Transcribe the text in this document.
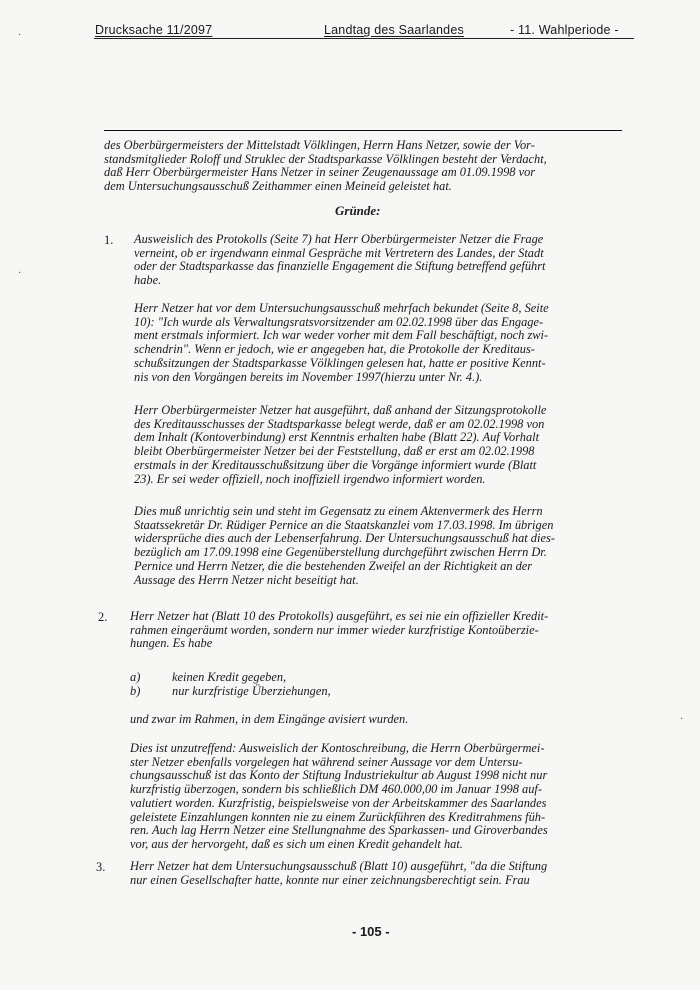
Drucksache 11/2097	Landtag des Saarlandes	- 11. Wahlperiode -
·
·
·
des Oberbürgermeisters der Mittelstadt Völklingen, Herrn Hans Netzer, sowie der Vor-
standsmitglieder Roloff und Struklec der Stadtsparkasse Völklingen besteht der Verdacht,
daß Herr Oberbürgermeister Hans Netzer in seiner Zeugenaussage am 01.09.1998 vor
dem Untersuchungsausschuß Zeithammer einen Meineid geleistet hat.
Gründe:
1. Ausweislich des Protokolls (Seite 7) hat Herr Oberbürgermeister Netzer die Frage
verneint, ob er irgendwann einmal Gespräche mit Vertretern des Landes, der Stadt
oder der Stadtsparkasse das finanzielle Engagement die Stiftung betreffend geführt
habe.
Herr Netzer hat vor dem Untersuchungsausschuß mehrfach bekundet (Seite 8, Seite
10): "Ich wurde als Verwaltungsratsvorsitzender am 02.02.1998 über das Engage-
ment erstmals informiert. Ich war weder vorher mit dem Fall beschäftigt, noch zwi-
schendrin". Wenn er jedoch, wie er angegeben hat, die Protokolle der Kreditaus-
schußsitzungen der Stadtsparkasse Völklingen gelesen hat, hatte er positive Kennt-
nis von den Vorgängen bereits im November 1997(hierzu unter Nr. 4.).
Herr Oberbürgermeister Netzer hat ausgeführt, daß anhand der Sitzungsprotokolle
des Kreditausschusses der Stadtsparkasse belegt werde, daß er am 02.02.1998 von
dem Inhalt (Kontoverbindung) erst Kenntnis erhalten habe (Blatt 22). Auf Vorhalt
bleibt Oberbürgermeister Netzer bei der Feststellung, daß er erst am 02.02.1998
erstmals in der Kreditausschußsitzung über die Vorgänge informiert wurde (Blatt
23). Er sei weder offiziell, noch inoffiziell irgendwo informiert worden.
Dies muß unrichtig sein und steht im Gegensatz zu einem Aktenvermerk des Herrn
Staatssekretär Dr. Rüdiger Pernice an die Staatskanzlei vom 17.03.1998. Im übrigen
widersprüche dies auch der Lebenserfahrung. Der Untersuchungsausschuß hat dies-
bezüglich am 17.09.1998 eine Gegenüberstellung durchgeführt zwischen Herrn Dr.
Pernice und Herrn Netzer, die die bestehenden Zweifel an der Richtigkeit an der
Aussage des Herrn Netzer nicht beseitigt hat.
2. Herr Netzer hat (Blatt 10 des Protokolls) ausgeführt, es sei nie ein offizieller Kredit-
rahmen eingeräumt worden, sondern nur immer wieder kurzfristige Kontoüberzie-
hungen. Es habe
a)	keinen Kredit gegeben,
b)	nur kurzfristige Überziehungen,
und zwar im Rahmen, in dem Eingänge avisiert wurden.
Dies ist unzutreffend: Ausweislich der Kontoschreibung, die Herrn Oberbürgermei-
ster Netzer ebenfalls vorgelegen hat während seiner Aussage vor dem Untersu-
chungsausschuß ist das Konto der Stiftung Industriekultur ab August 1998 nicht nur
kurzfristig überzogen, sondern bis schließlich DM 460.000,00 im Januar 1998 auf-
valutiert worden. Kurzfristig, beispielsweise von der Arbeitskammer des Saarlandes
geleistete Einzahlungen konnten nie zu einem Zurückführen des Kreditrahmens füh-
ren. Auch lag Herrn Netzer eine Stellungnahme des Sparkassen- und Giroverbandes
vor, aus der hervorgeht, daß es sich um einen Kredit gehandelt hat.
3. Herr Netzer hat dem Untersuchungsausschuß (Blatt 10) ausgeführt, "da die Stiftung
nur einen Gesellschafter hatte, konnte nur einer zeichnungsberechtigt sein. Frau
- 105 -
